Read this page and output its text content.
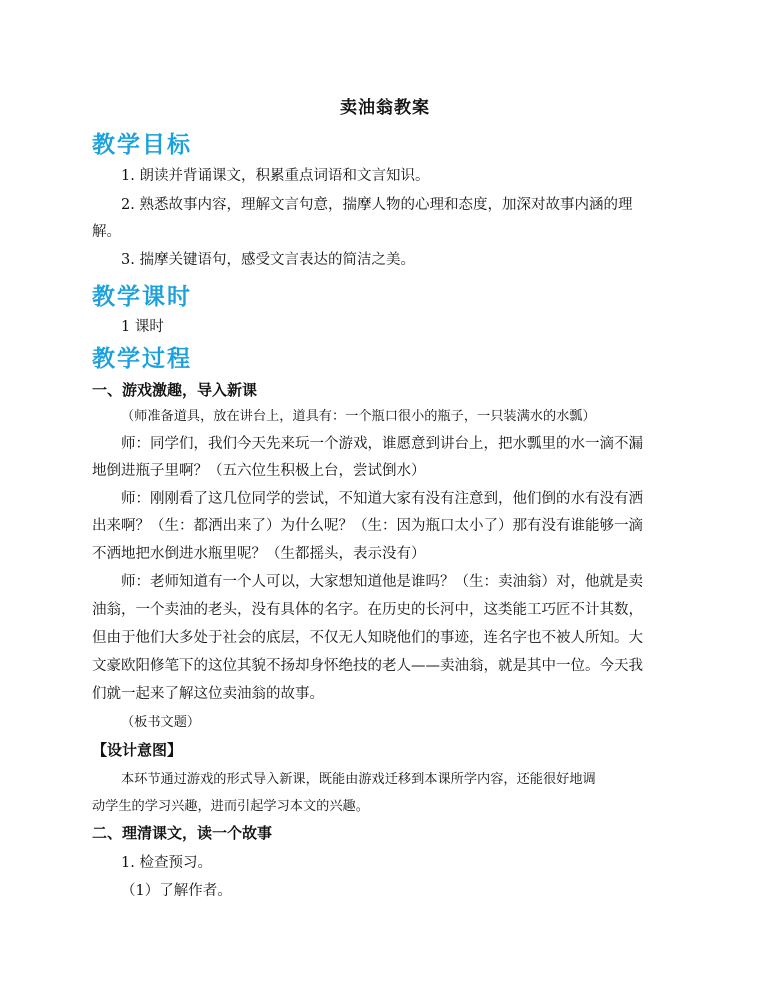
卖油翁教案
教学目标
1. 朗读并背诵课文，积累重点词语和文言知识。
2. 熟悉故事内容，理解文言句意，揣摩人物的心理和态度，加深对故事内涵的理
解。
3. 揣摩关键语句，感受文言表达的简洁之美。
教学课时
1 课时
教学过程
一、游戏激趣，导入新课
（师准备道具，放在讲台上，道具有：一个瓶口很小的瓶子，一只装满水的水瓢）
师：同学们，我们今天先来玩一个游戏，谁愿意到讲台上，把水瓢里的水一滴不漏
地倒进瓶子里啊？（五六位生积极上台，尝试倒水）
师：刚刚看了这几位同学的尝试，不知道大家有没有注意到，他们倒的水有没有洒
出来啊？（生：都洒出来了）为什么呢？（生：因为瓶口太小了）那有没有谁能够一滴
不洒地把水倒进水瓶里呢？（生都摇头，表示没有）
师：老师知道有一个人可以，大家想知道他是谁吗？（生：卖油翁）对，他就是卖
油翁，一个卖油的老头，没有具体的名字。在历史的长河中，这类能工巧匠不计其数，
但由于他们大多处于社会的底层，不仅无人知晓他们的事迹，连名字也不被人所知。大
文豪欧阳修笔下的这位其貌不扬却身怀绝技的老人——卖油翁，就是其中一位。今天我
们就一起来了解这位卖油翁的故事。
（板书文题）
【设计意图】
本环节通过游戏的形式导入新课，既能由游戏迁移到本课所学内容，还能很好地调
动学生的学习兴趣，进而引起学习本文的兴趣。
二、理清课文，读一个故事
1. 检查预习。
（1）了解作者。
